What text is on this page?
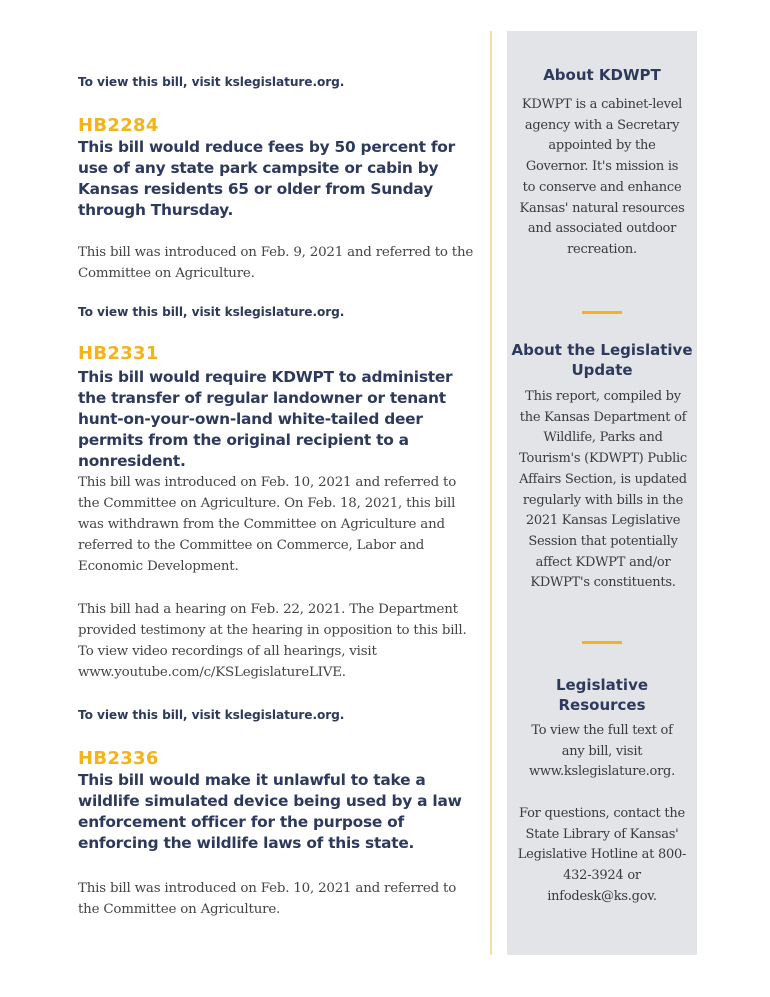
To view this bill, visit kslegislature.org.
HB2284
This bill would reduce fees by 50 percent for use of any state park campsite or cabin by Kansas residents 65 or older from Sunday through Thursday.
This bill was introduced on Feb. 9, 2021 and referred to the Committee on Agriculture.
To view this bill, visit kslegislature.org.
HB2331
This bill would require KDWPT to administer the transfer of regular landowner or tenant hunt-on-your-own-land white-tailed deer permits from the original recipient to a nonresident.
This bill was introduced on Feb. 10, 2021 and referred to the Committee on Agriculture. On Feb. 18, 2021, this bill was withdrawn from the Committee on Agriculture and referred to the Committee on Commerce, Labor and Economic Development.
This bill had a hearing on Feb. 22, 2021. The Department provided testimony at the hearing in opposition to this bill. To view video recordings of all hearings, visit www.youtube.com/c/KSLegislatureLIVE.
To view this bill, visit kslegislature.org.
HB2336
This bill would make it unlawful to take a wildlife simulated device being used by a law enforcement officer for the purpose of enforcing the wildlife laws of this state.
This bill was introduced on Feb. 10, 2021 and referred to the Committee on Agriculture.
About KDWPT
KDWPT is a cabinet-level agency with a Secretary appointed by the Governor. It's mission is to conserve and enhance Kansas' natural resources and associated outdoor recreation.
About the Legislative Update
This report, compiled by the Kansas Department of Wildlife, Parks and Tourism's (KDWPT) Public Affairs Section, is updated regularly with bills in the 2021 Kansas Legislative Session that potentially affect KDWPT and/or KDWPT's constituents.
Legislative Resources
To view the full text of any bill, visit www.kslegislature.org.
For questions, contact the State Library of Kansas' Legislative Hotline at 800-432-3924 or infodesk@ks.gov.
